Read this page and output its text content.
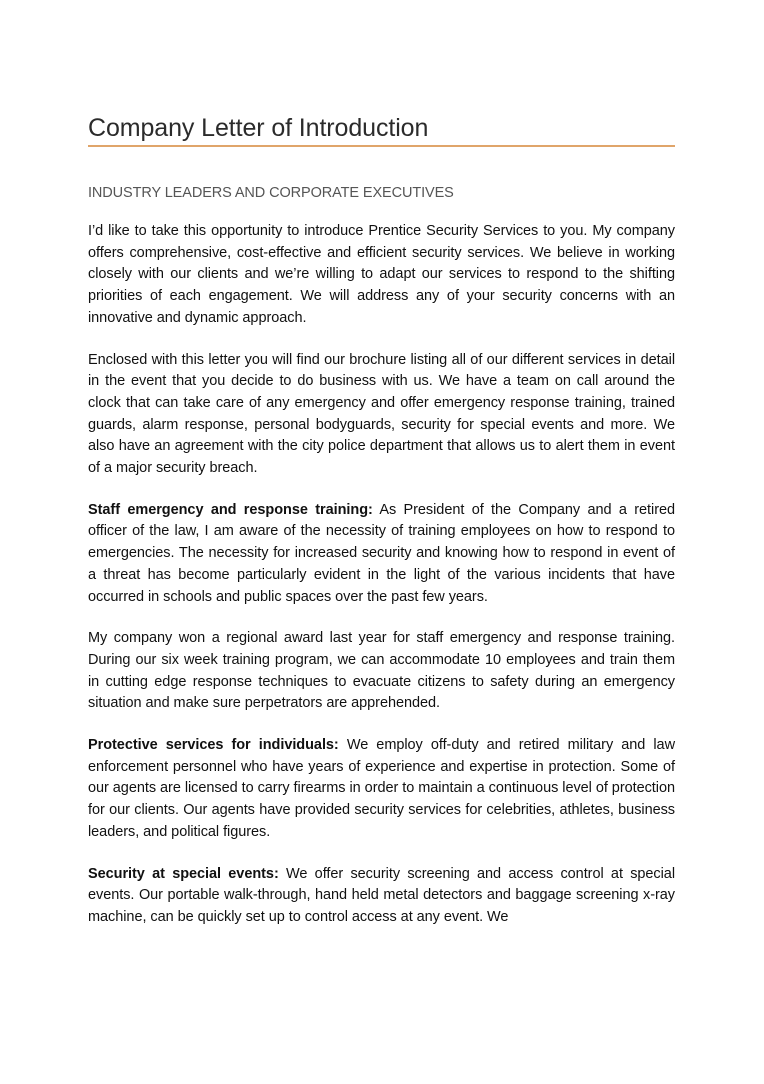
Company Letter of Introduction
INDUSTRY LEADERS AND CORPORATE EXECUTIVES

I’d like to take this opportunity to introduce Prentice Security Services to you. My company offers comprehensive, cost-effective and efficient security services. We believe in working closely with our clients and we’re willing to adapt our services to respond to the shifting priorities of each engagement. We will address any of your security concerns with an innovative and dynamic approach.

Enclosed with this letter you will find our brochure listing all of our different services in detail in the event that you decide to do business with us. We have a team on call around the clock that can take care of any emergency and offer emergency response training, trained guards, alarm response, personal bodyguards, security for special events and more. We also have an agreement with the city police department that allows us to alert them in event of a major security breach.

Staff emergency and response training: As President of the Company and a retired officer of the law, I am aware of the necessity of training employees on how to respond to emergencies. The necessity for increased security and knowing how to respond in event of a threat has become particularly evident in the light of the various incidents that have occurred in schools and public spaces over the past few years.

My company won a regional award last year for staff emergency and response training. During our six week training program, we can accommodate 10 employees and train them in cutting edge response techniques to evacuate citizens to safety during an emergency situation and make sure perpetrators are apprehended.

Protective services for individuals: We employ off-duty and retired military and law enforcement personnel who have years of experience and expertise in protection. Some of our agents are licensed to carry firearms in order to maintain a continuous level of protection for our clients. Our agents have provided security services for celebrities, athletes, business leaders, and political figures.

Security at special events: We offer security screening and access control at special events. Our portable walk-through, hand held metal detectors and baggage screening x-ray machine, can be quickly set up to control access at any event. We
